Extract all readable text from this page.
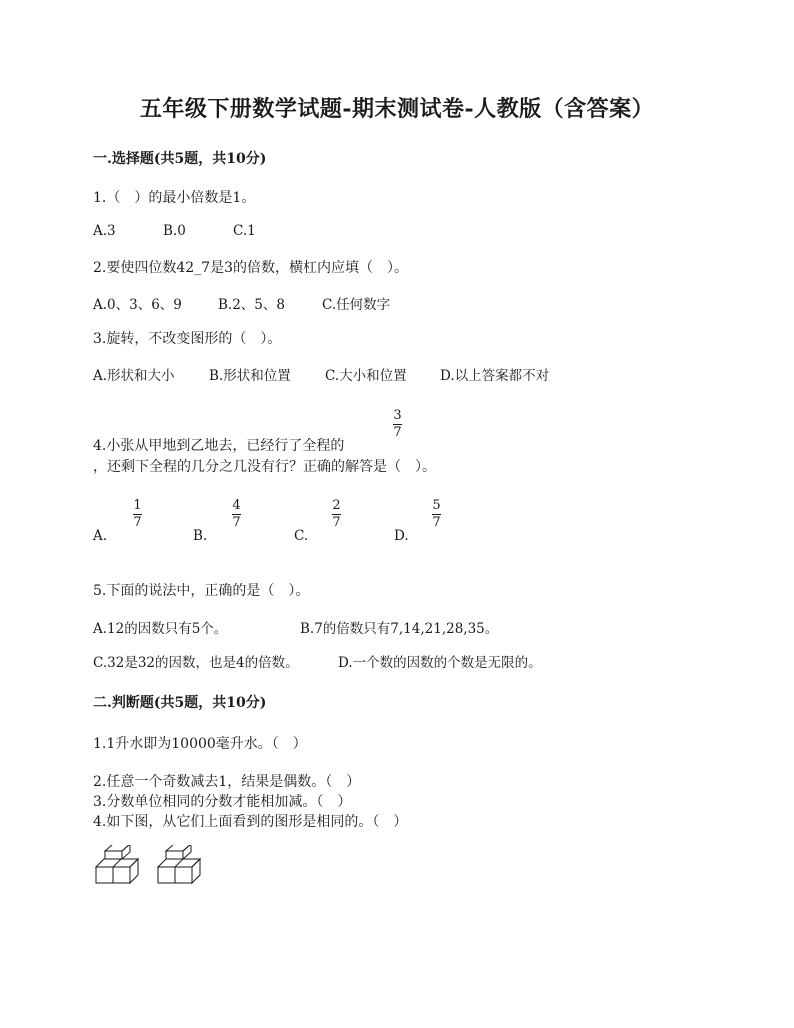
五年级下册数学试题-期末测试卷-人教版（含答案）
一.选择题(共5题，共10分)
1.（　）的最小倍数是1。
A.3	B.0	C.1
2.要使四位数42_7是3的倍数，横杠内应填（　）。
A.0、3、6、9	B.2、5、8	C.任何数字
3.旋转，不改变图形的（　）。
A.形状和大小	B.形状和位置	C.大小和位置 D.以上答案都不对
3
7
4.小张从甲地到乙地去，已经行了全程的
，还剩下全程的几分之几没有行？正确的解答是（　）。
A.
1
7
B.
4
7
C.
2
7
D.
5
7
5.下面的说法中，正确的是（　）。
A.12的因数只有5个。	B.7的倍数只有7,14,21,28,35。
C.32是32的因数，也是4的倍数。	D.一个数的因数的个数是无限的。
二.判断题(共5题，共10分)
1.1升水即为10000毫升水。（　）
2.任意一个奇数减去1，结果是偶数。（　）
3.分数单位相同的分数才能相加减。（　）
4.如下图，从它们上面看到的图形是相同的。（　）
